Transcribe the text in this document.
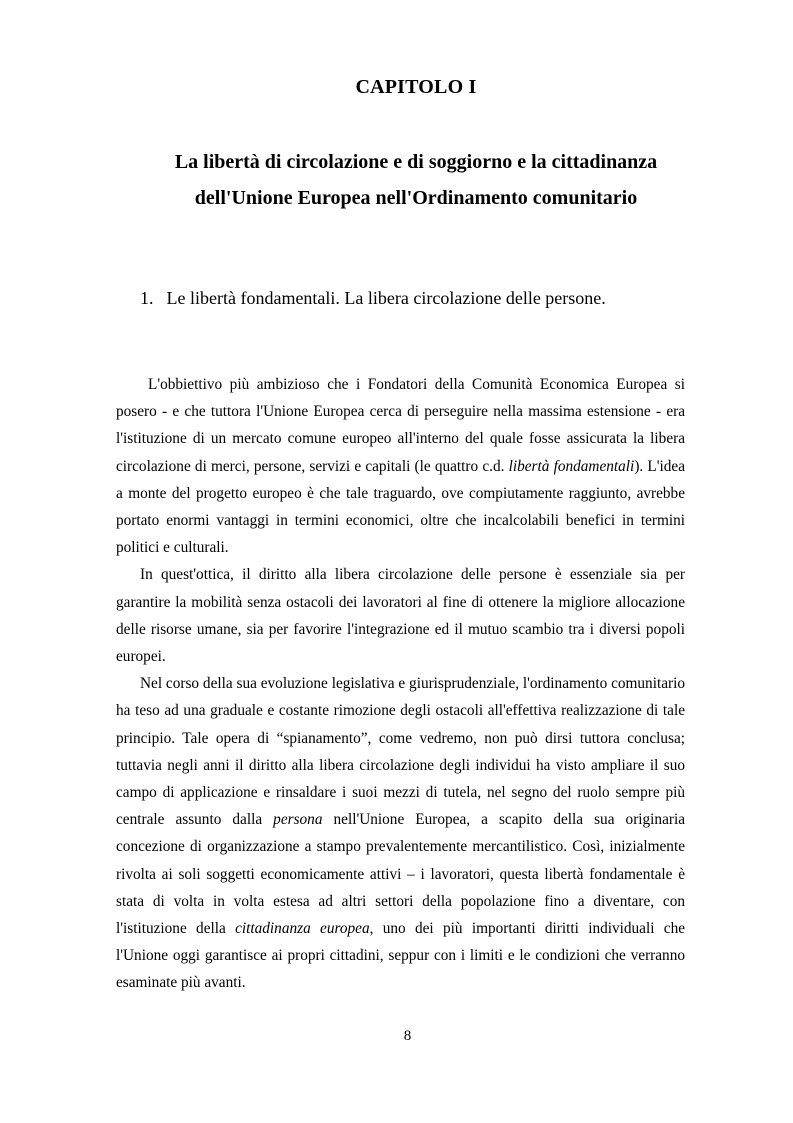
CAPITOLO I
La libertà di circolazione e di soggiorno e la cittadinanza
dell'Unione Europea nell'Ordinamento comunitario
1. Le libertà fondamentali. La libera circolazione delle persone.

L'obbiettivo più ambizioso che i Fondatori della Comunità Economica Europea si posero - e che tuttora l'Unione Europea cerca di perseguire nella massima estensione - era l'istituzione di un mercato comune europeo all'interno del quale fosse assicurata la libera circolazione di merci, persone, servizi e capitali (le quattro c.d. libertà fondamentali). L'idea a monte del progetto europeo è che tale traguardo, ove compiutamente raggiunto, avrebbe portato enormi vantaggi in termini economici, oltre che incalcolabili benefici in termini politici e culturali.

In quest'ottica, il diritto alla libera circolazione delle persone è essenziale sia per garantire la mobilità senza ostacoli dei lavoratori al fine di ottenere la migliore allocazione delle risorse umane, sia per favorire l'integrazione ed il mutuo scambio tra i diversi popoli europei.

Nel corso della sua evoluzione legislativa e giurisprudenziale, l'ordinamento comunitario ha teso ad una graduale e costante rimozione degli ostacoli all'effettiva realizzazione di tale principio. Tale opera di “spianamento”, come vedremo, non può dirsi tuttora conclusa; tuttavia negli anni il diritto alla libera circolazione degli individui ha visto ampliare il suo campo di applicazione e rinsaldare i suoi mezzi di tutela, nel segno del ruolo sempre più centrale assunto dalla persona nell'Unione Europea, a scapito della sua originaria concezione di organizzazione a stampo prevalentemente mercantilistico. Così, inizialmente rivolta ai soli soggetti economicamente attivi – i lavoratori, questa libertà fondamentale è stata di volta in volta estesa ad altri settori della popolazione fino a diventare, con l'istituzione della cittadinanza europea, uno dei più importanti diritti individuali che l'Unione oggi garantisce ai propri cittadini, seppur con i limiti e le condizioni che verranno esaminate più avanti.

8
